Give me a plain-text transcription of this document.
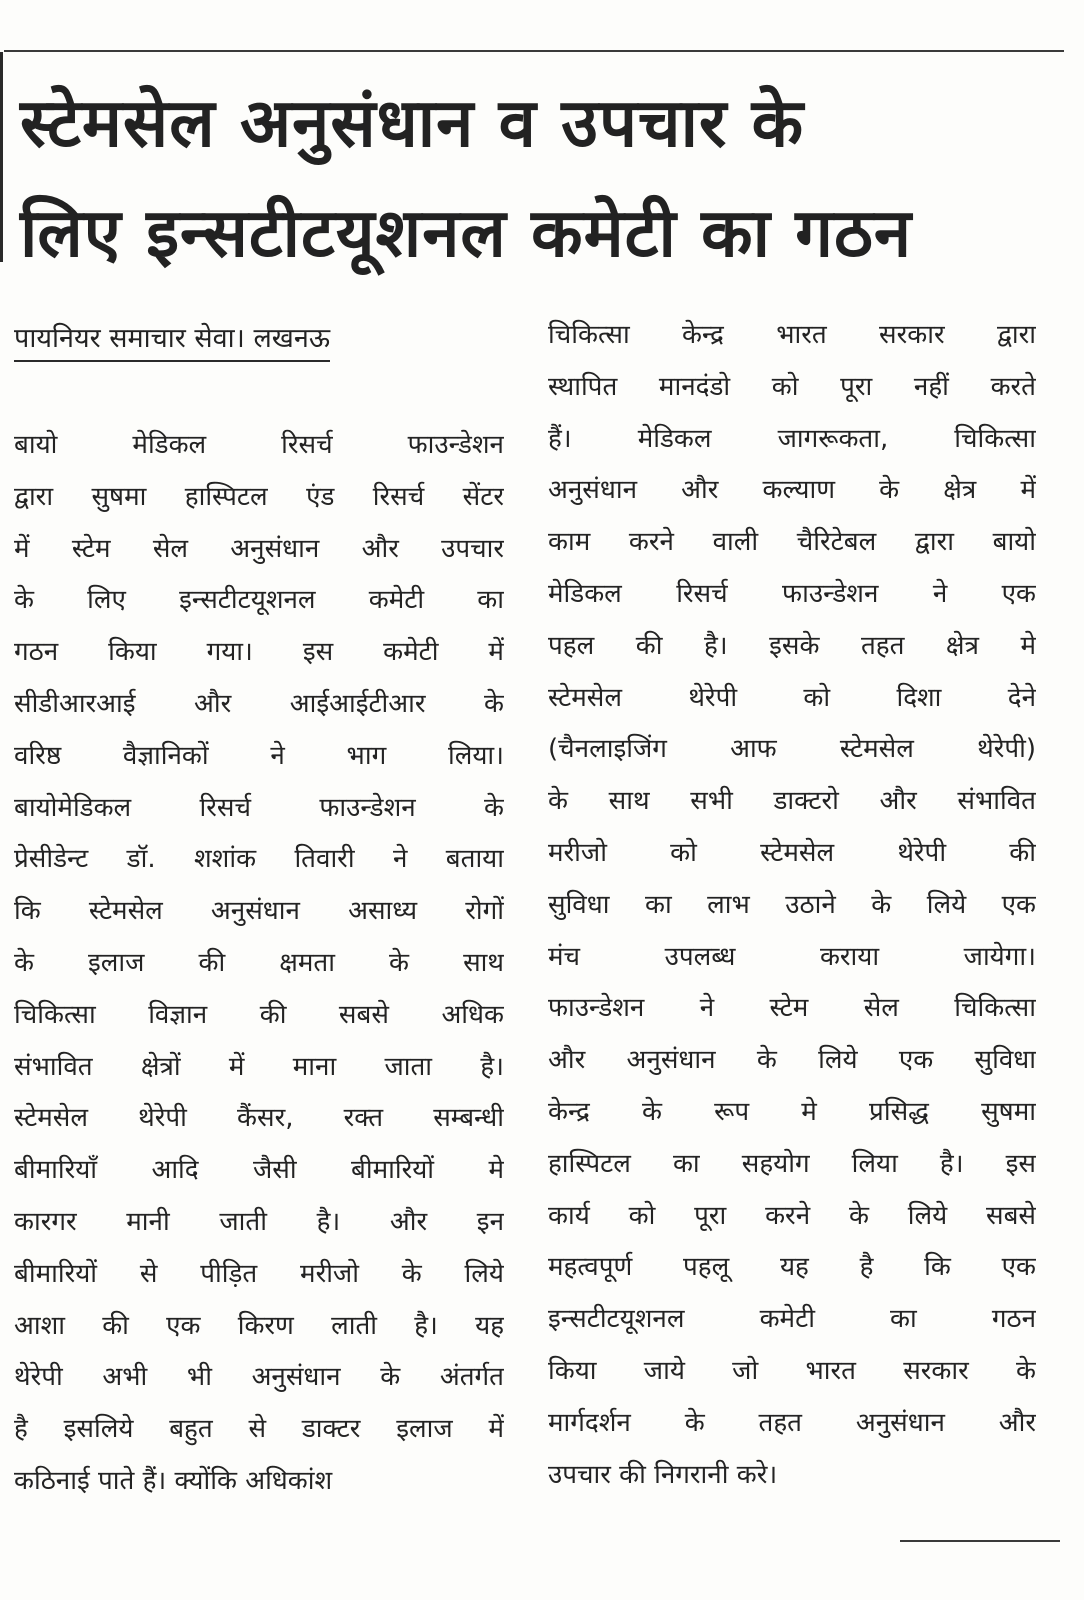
स्टेमसेल अनुसंधान व उपचार के
लिए इन्सटीटयूशनल कमेटी का गठन
पायनियर समाचार सेवा। लखनऊ
बायो मेडिकल रिसर्च फाउन्डेशन
द्वारा सुषमा हास्पिटल एंड रिसर्च सेंटर
में स्टेम सेल अनुसंधान और उपचार
के लिए इन्सटीटयूशनल कमेटी का
गठन किया गया। इस कमेटी में
सीडीआरआई और आईआईटीआर के
वरिष्ठ वैज्ञानिकों ने भाग लिया।
बायोमेडिकल रिसर्च फाउन्डेशन के
प्रेसीडेन्ट डॉ. शशांक तिवारी ने बताया
कि स्टेमसेल अनुसंधान असाध्य रोगों
के इलाज की क्षमता के साथ
चिकित्सा विज्ञान की सबसे अधिक
संभावित क्षेत्रों में माना जाता है।
स्टेमसेल थेरेपी कैंसर, रक्त सम्बन्धी
बीमारियाँ आदि जैसी बीमारियों मे
कारगर मानी जाती है। और इन
बीमारियों से पीड़ित मरीजो के लिये
आशा की एक किरण लाती है। यह
थेरेपी अभी भी अनुसंधान के अंतर्गत
है इसलिये बहुत से डाक्टर इलाज में
कठिनाई पाते हैं। क्योंकि अधिकांश
चिकित्सा केन्द्र भारत सरकार द्वारा
स्थापित मानदंडो को पूरा नहीं करते
हैं। मेडिकल जागरूकता, चिकित्सा
अनुसंधान और कल्याण के क्षेत्र में
काम करने वाली चैरिटेबल द्वारा बायो
मेडिकल रिसर्च फाउन्डेशन ने एक
पहल की है। इसके तहत क्षेत्र मे
स्टेमसेल थेरेपी को दिशा देने
(चैनलाइजिंग आफ स्टेमसेल थेरेपी)
के साथ सभी डाक्टरो और संभावित
मरीजो को स्टेमसेल थेरेपी की
सुविधा का लाभ उठाने के लिये एक
मंच उपलब्ध कराया जायेगा।
फाउन्डेशन ने स्टेम सेल चिकित्सा
और अनुसंधान के लिये एक सुविधा
केन्द्र के रूप मे प्रसिद्ध सुषमा
हास्पिटल का सहयोग लिया है। इस
कार्य को पूरा करने के लिये सबसे
महत्वपूर्ण पहलू यह है कि एक
इन्सटीटयूशनल कमेटी का गठन
किया जाये जो भारत सरकार के
मार्गदर्शन के तहत अनुसंधान और
उपचार की निगरानी करे।
